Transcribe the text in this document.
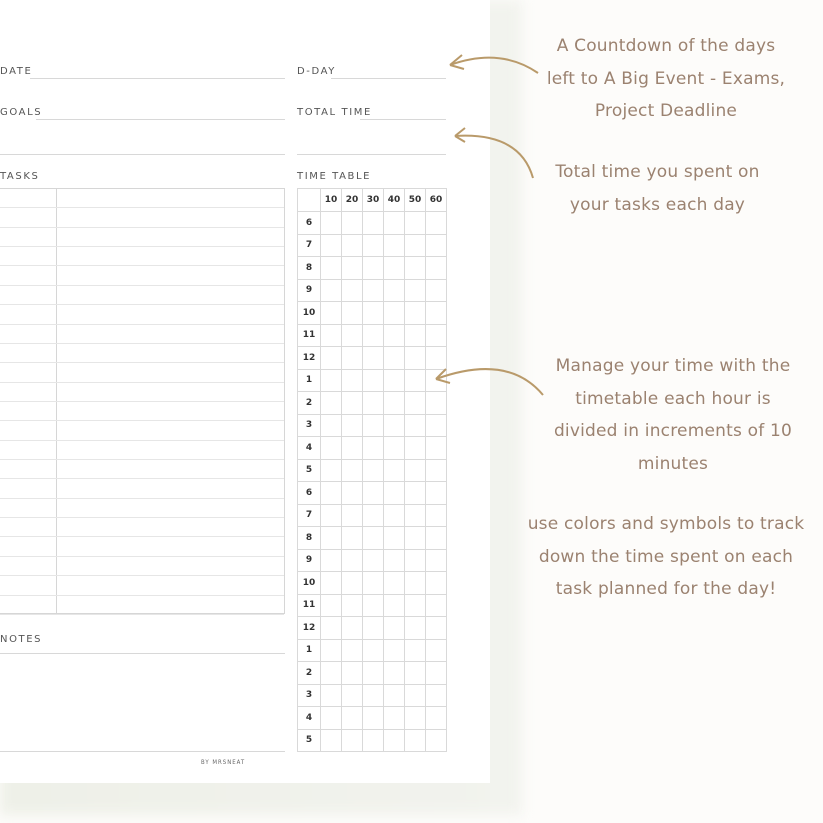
DATE	D-DAY
GOALS	TOTAL TIME
TASKS	TIME TABLE
	10	20	30	40	50	60
6						
7						
8						
9						
10						
11						
12						
1						
2						
3						
4						
5						
6						
7						
8						
9						
10						
11						
12						
1						
2						
3						
4						
5						
NOTES
BY MRSNEAT
A Countdown of the days left to A Big Event - Exams, Project Deadline
Total time you spent on your tasks each day
Manage your time with the timetable each hour is divided in increments of 10 minutes
use colors and symbols to track down the time spent on each task planned for the day!
